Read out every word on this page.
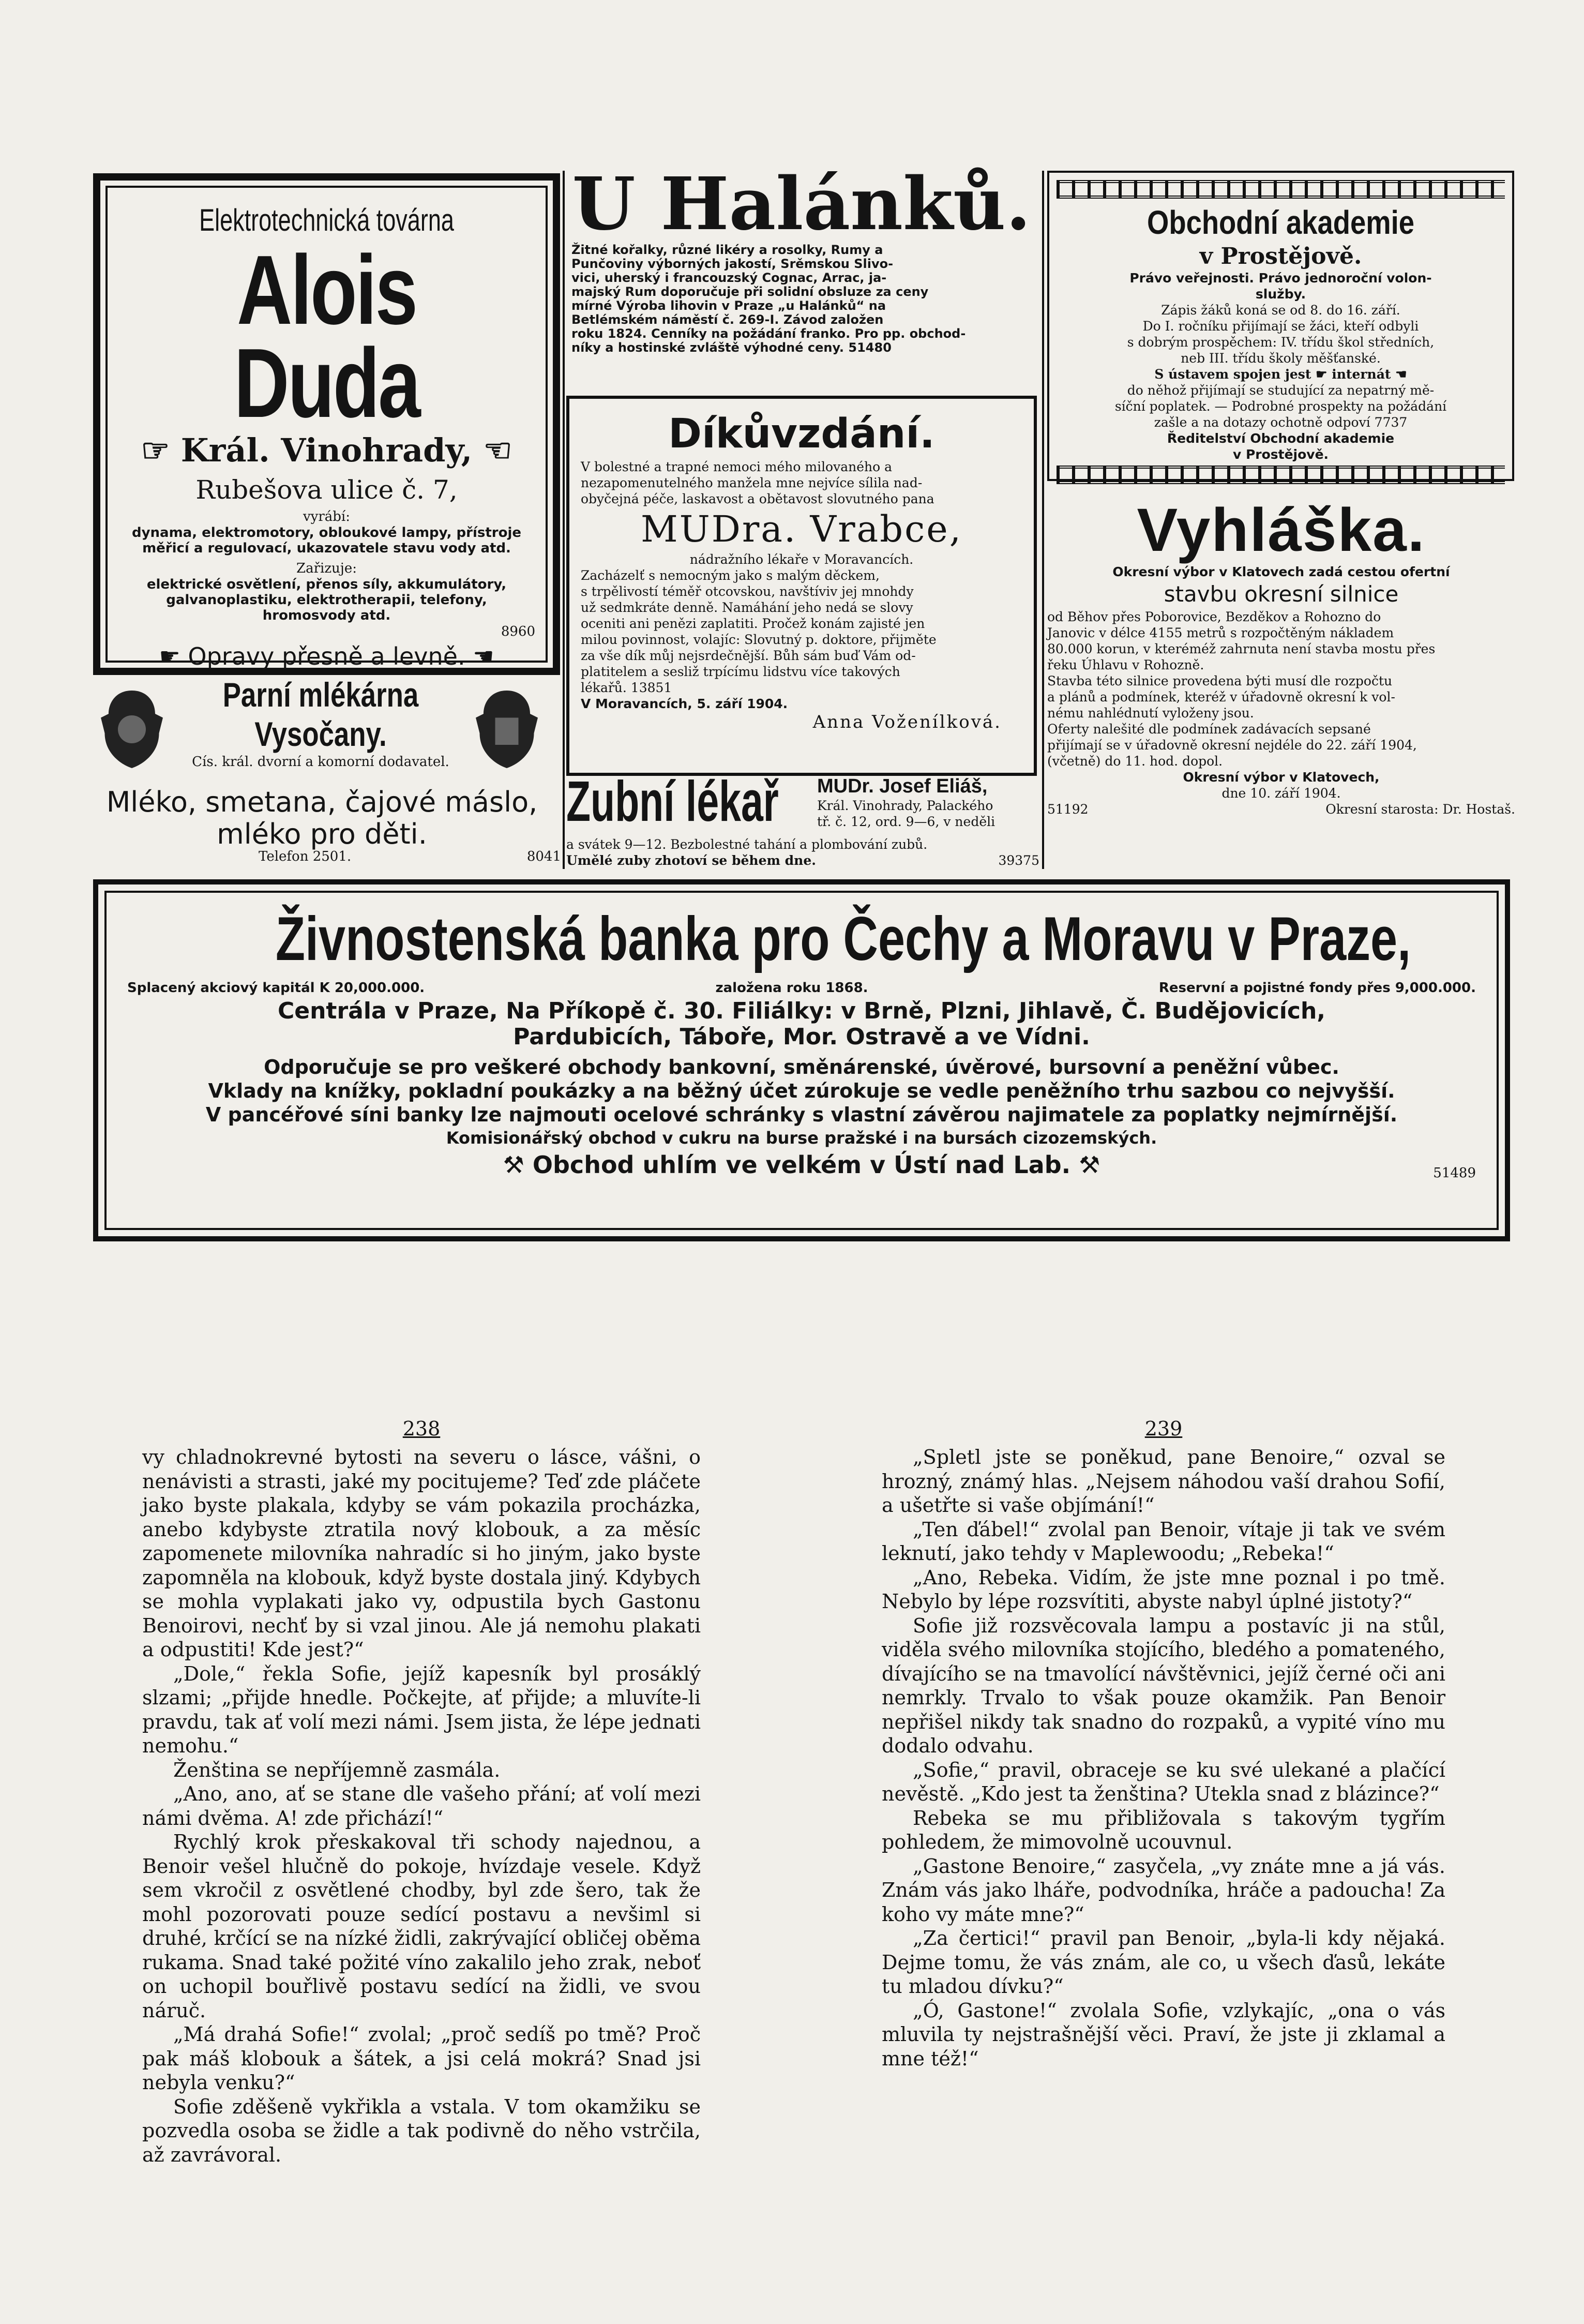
Elektrotechnická továrna
Alois Duda
☞ Král. Vinohrady, ☜
Rubešova ulice č. 7,
vyrábí:
dynama, elektromotory, obloukové lampy, přístroje měřicí a regulovací, ukazovatele stavu vody atd.
Zařizuje:
elektrické osvětlení, přenos síly, akkumulátory, galvanoplastiku, elektrotherapii, telefony, hromosvody atd.
8960
☛ Opravy přesně a levně. ☚
Parní mlékárna
Vysočany.
Cís. král. dvorní a komorní dodavatel.
Mléko, smetana, čajové máslo,
mléko pro děti.
Telefon 2501.	8041
U Halánků.
Žitné kořalky, různé likéry a rosolky, Rumy a
Punčoviny výborných jakostí, Srěmskou Slivo-
vici, uherský i francouzský Cognac, Arrac, ja-
majský Rum doporučuje při solidní obsluze za ceny
mírné Výroba lihovin v Praze „u Halánků“ na
Betlémském náměstí č. 269-I. Závod založen
roku 1824. Cenníky na požádání franko. Pro pp. obchod-
níky a hostinské zvláště výhodné ceny. 51480
Díkůvzdání.
V bolestné a trapné nemoci mého milovaného a
nezapomenutelného manžela mne nejvíce sílila nad-
obyčejná péče, laskavost a obětavost slovutného pana
MUDra. Vrabce,
nádražního lékaře v Moravancích.
Zacházelť s nemocným jako s malým děckem,
s trpělivostí téměř otcovskou, navštíviv jej mnohdy
už sedmkráte denně. Namáhání jeho nedá se slovy
oceniti ani penězi zaplatiti. Pročež konám zajisté jen
milou povinnost, volajíc: Slovutný p. doktore, přijměte
za vše dík můj nejsrdečnější. Bůh sám buď Vám od-
platitelem a sesliž trpícímu lidstvu více takových
lékařů. 13851
V Moravancích, 5. září 1904.
Anna Voženílková.
Zubní lékař MUDr. Josef Eliáš,
Král. Vinohrady, Palackého
tř. č. 12, ord. 9—6, v neděli
a svátek 9—12. Bezbolestné tahání a plombování zubů.
Umělé zuby zhotoví se během dne.	39375
Obchodní akademie
v Prostějově.
Právo veřejnosti. Právo jednoroční volon-
služby.
Zápis žáků koná se od 8. do 16. září.
Do I. ročníku přijímají se žáci, kteří odbyli
s dobrým prospěchem: IV. třídu škol středních,
neb III. třídu školy měšťanské.
S ústavem spojen jest ☛ internát ☚
do něhož přijímají se studující za nepatrný mě-
síční poplatek. — Podrobné prospekty na požádání
zašle a na dotazy ochotně odpoví 7737
Ředitelství Obchodní akademie
v Prostějově.
Vyhláška.
Okresní výbor v Klatovech zadá cestou ofertní
stavbu okresní silnice
od Běhov přes Poborovice, Bezděkov a Rohozno do
Janovic v délce 4155 metrů s rozpočtěným nákladem
80.000 korun, v kteréméž zahrnuta není stavba mostu přes
řeku Úhlavu v Rohozně.
Stavba této silnice provedena býti musí dle rozpočtu
a plánů a podmínek, kteréž v úřadovně okresní k vol-
nému nahlédnutí vyloženy jsou.
Oferty nalešité dle podmínek zadávacích sepsané
přijímají se v úřadovně okresní nejdéle do 22. září 1904,
(včetně) do 11. hod. dopol.
Okresní výbor v Klatovech,
dne 10. září 1904.
51192	Okresní starosta: Dr. Hostaš.
Živnostenská banka pro Čechy a Moravu v Praze,
Splacený akciový kapitál K 20,000.000.	založena roku 1868.	Reservní a pojistné fondy přes 9,000.000.
Centrála v Praze, Na Příkopě č. 30. Filiálky: v Brně, Plzni, Jihlavě, Č. Budějovicích,
Pardubicích, Táboře, Mor. Ostravě a ve Vídni.
Odporučuje se pro veškeré obchody bankovní, směnárenské, úvěrové, bursovní a peněžní vůbec.
Vklady na knížky, pokladní poukázky a na běžný účet zúrokuje se vedle peněžního trhu sazbou co nejvyšší.
V pancéřové síni banky lze najmouti ocelové schránky s vlastní závěrou najimatele za poplatky nejmírnější.
Komisionářský obchod v cukru na burse pražské i na bursách cizozemských.
⚒ Obchod uhlím ve velkém v Ústí nad Lab. ⚒	51489
238

vy chladnokrevné bytosti na severu o lásce, vášni, o nenávisti a strasti, jaké my pocitujeme? Teď zde pláčete jako byste plakala, kdyby se vám pokazila procházka, anebo kdybyste ztratila nový klobouk, a za měsíc zapomenete milovníka nahradíc si ho jiným, jako byste zapomněla na klobouk, když byste dostala jiný. Kdybych se mohla vyplakati jako vy, odpustila bych Gastonu Benoirovi, nechť by si vzal jinou. Ale já nemohu plakati a odpustiti! Kde jest?“

„Dole,“ řekla Sofie, jejíž kapesník byl prosáklý slzami; „přijde hnedle. Počkejte, ať přijde; a mluvíte-li pravdu, tak ať volí mezi námi. Jsem jista, že lépe jednati nemohu.“

Ženština se nepříjemně zasmála.

„Ano, ano, ať se stane dle vašeho přání; ať volí mezi námi dvěma. A! zde přichází!“

Rychlý krok přeskakoval tři schody najednou, a Benoir vešel hlučně do pokoje, hvízdaje vesele. Když sem vkročil z osvětlené chodby, byl zde šero, tak že mohl pozorovati pouze sedící postavu a nevšiml si druhé, krčící se na nízké židli, zakrývající obličej oběma rukama. Snad také požité víno zakalilo jeho zrak, neboť on uchopil bouřlivě postavu sedící na židli, ve svou náruč.

„Má drahá Sofie!“ zvolal; „proč sedíš po tmě? Proč pak máš klobouk a šátek, a jsi celá mokrá? Snad jsi nebyla venku?“

Sofie zděšeně vykřikla a vstala. V tom okamžiku se pozvedla osoba se židle a tak podivně do něho vstrčila, až zavrávoral.

239

„Spletl jste se poněkud, pane Benoire,“ ozval se hrozný, známý hlas. „Nejsem náhodou vaší drahou Sofií, a ušetřte si vaše objímání!“

„Ten ďábel!“ zvolal pan Benoir, vítaje ji tak ve svém leknutí, jako tehdy v Maplewoodu; „Rebeka!“

„Ano, Rebeka. Vidím, že jste mne poznal i po tmě. Nebylo by lépe rozsvítiti, abyste nabyl úplné jistoty?“

Sofie již rozsvěcovala lampu a postavíc ji na stůl, viděla svého milovníka stojícího, bledého a pomateného, dívajícího se na tmavolící návštěvnici, jejíž černé oči ani nemrkly. Trvalo to však pouze okamžik. Pan Benoir nepřišel nikdy tak snadno do rozpaků, a vypité víno mu dodalo odvahu.

„Sofie,“ pravil, obraceje se ku své ulekané a plačící nevěstě. „Kdo jest ta ženština? Utekla snad z blázince?“

Rebeka se mu přibližovala s takovým tygřím pohledem, že mimovolně ucouvnul.

„Gastone Benoire,“ zasyčela, „vy znáte mne a já vás. Znám vás jako lháře, podvodníka, hráče a padoucha! Za koho vy máte mne?“

„Za čertici!“ pravil pan Benoir, „byla-li kdy nějaká. Dejme tomu, že vás znám, ale co, u všech ďasů, lekáte tu mladou dívku?“

„Ó, Gastone!“ zvolala Sofie, vzlykajíc, „ona o vás mluvila ty nejstrašnější věci. Praví, že jste ji zklamal a mne též!“
